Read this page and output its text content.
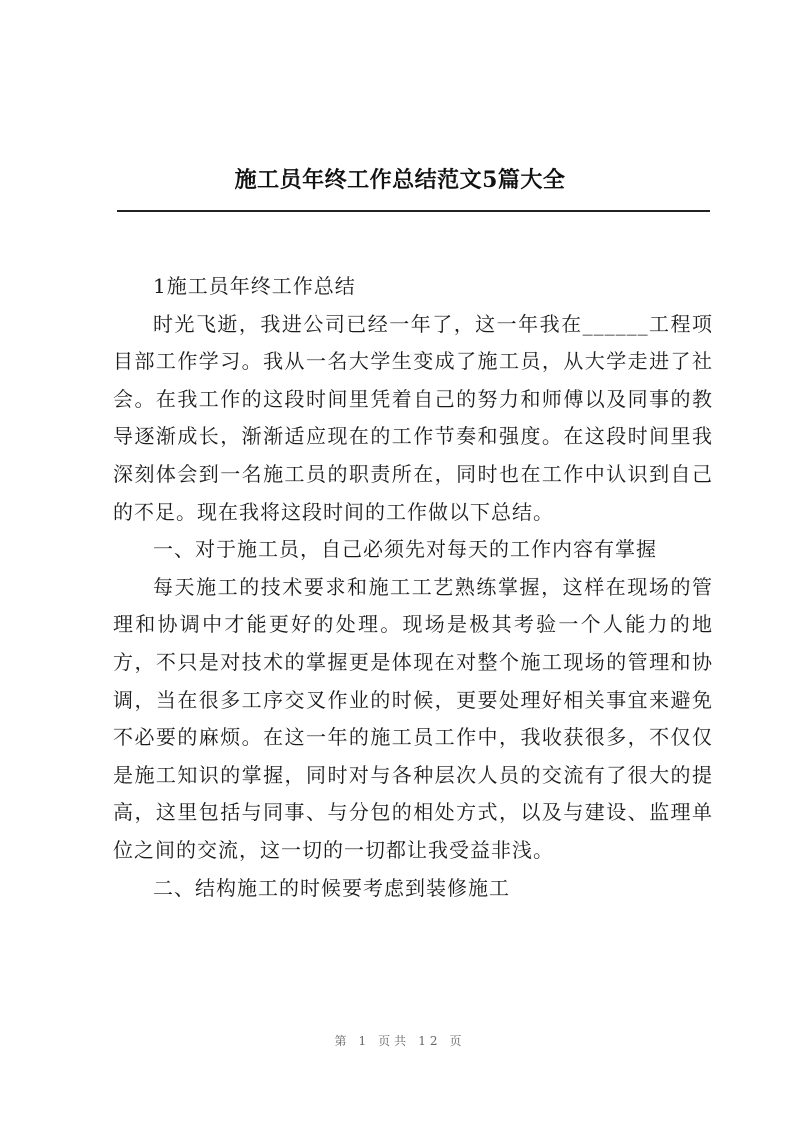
施工员年终工作总结范文5篇大全

1施工员年终工作总结

时光飞逝，我进公司已经一年了，这一年我在______工程项目部工作学习。我从一名大学生变成了施工员，从大学走进了社会。在我工作的这段时间里凭着自己的努力和师傅以及同事的教导逐渐成长，渐渐适应现在的工作节奏和强度。在这段时间里我深刻体会到一名施工员的职责所在，同时也在工作中认识到自己的不足。现在我将这段时间的工作做以下总结。

一、对于施工员，自己必须先对每天的工作内容有掌握

每天施工的技术要求和施工工艺熟练掌握，这样在现场的管理和协调中才能更好的处理。现场是极其考验一个人能力的地方，不只是对技术的掌握更是体现在对整个施工现场的管理和协调，当在很多工序交叉作业的时候，更要处理好相关事宜来避免不必要的麻烦。在这一年的施工员工作中，我收获很多，不仅仅是施工知识的掌握，同时对与各种层次人员的交流有了很大的提高，这里包括与同事、与分包的相处方式，以及与建设、监理单位之间的交流，这一切的一切都让我受益非浅。

二、结构施工的时候要考虑到装修施工

第 1 页共 12 页
